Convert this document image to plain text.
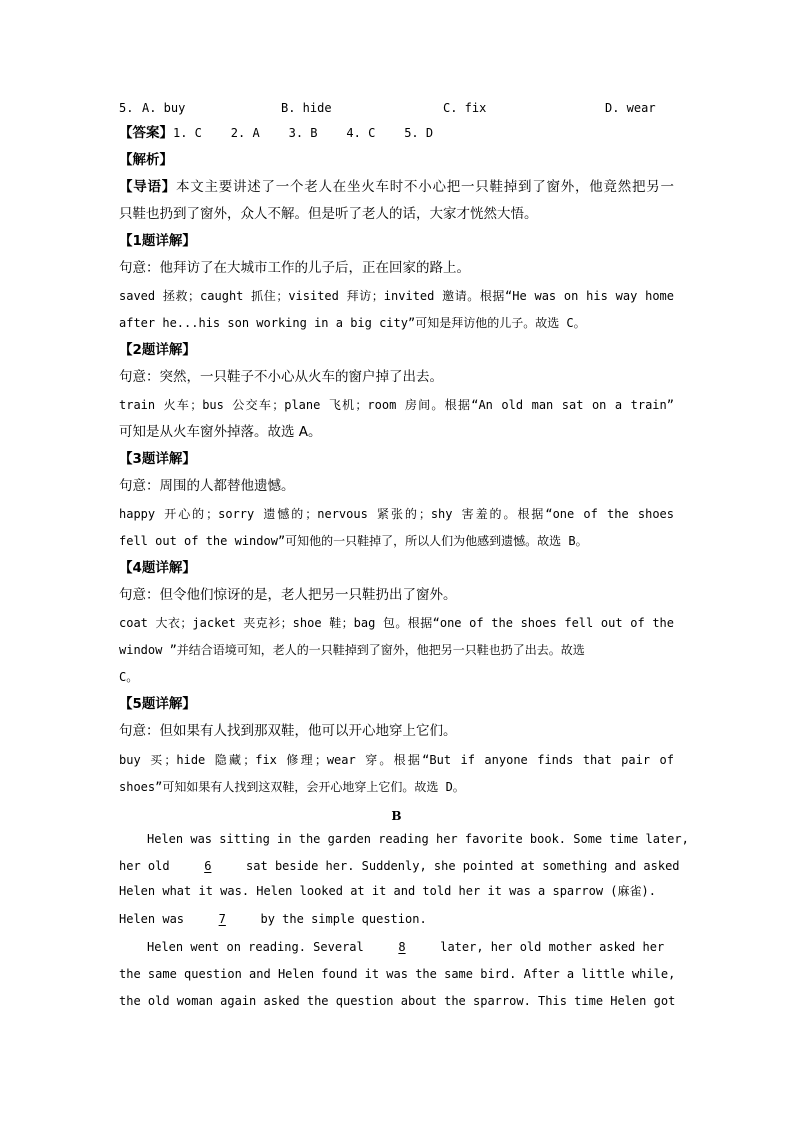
5. A. buy	B. hide	C. fix	D. wear
【答案】1. C    2. A    3. B    4. C    5. D
【解析】
【导语】本文主要讲述了一个老人在坐火车时不小心把一只鞋掉到了窗外，他竟然把另一
只鞋也扔到了窗外，众人不解。但是听了老人的话，大家才恍然大悟。
【1题详解】
句意：他拜访了在大城市工作的儿子后，正在回家的路上。
saved 拯救；caught 抓住；visited 拜访；invited 邀请。根据“He was on his way home
after he...his son working in a big city”可知是拜访他的儿子。故选 C。
【2题详解】
句意：突然，一只鞋子不小心从火车的窗户掉了出去。
train 火车；bus 公交车；plane 飞机；room 房间。根据“An old man sat on a train”
可知是从火车窗外掉落。故选 A。
【3题详解】
句意：周围的人都替他遗憾。
happy 开心的；sorry 遗憾的；nervous 紧张的；shy 害羞的。根据“one of the shoes
fell out of the window”可知他的一只鞋掉了，所以人们为他感到遗憾。故选 B。
【4题详解】
句意：但令他们惊讶的是，老人把另一只鞋扔出了窗外。
coat 大衣；jacket 夹克衫；shoe 鞋；bag 包。根据“one of the shoes fell out of the
window ”并结合语境可知，老人的一只鞋掉到了窗外，他把另一只鞋也扔了出去。故选
C。
【5题详解】
句意：但如果有人找到那双鞋，他可以开心地穿上它们。
buy 买；hide 隐藏；fix 修理；wear 穿。根据“But if anyone finds that pair of
shoes”可知如果有人找到这双鞋，会开心地穿上它们。故选 D。
B
Helen was sitting in the garden reading her favorite book. Some time later,
her old	6	sat beside her. Suddenly, she pointed at something and asked
Helen what it was. Helen looked at it and told her it was a sparrow (麻雀).
Helen was	7	by the simple question.
Helen went on reading. Several	8	later, her old mother asked her
the same question and Helen found it was the same bird. After a little while,
the old woman again asked the question about the sparrow. This time Helen got
